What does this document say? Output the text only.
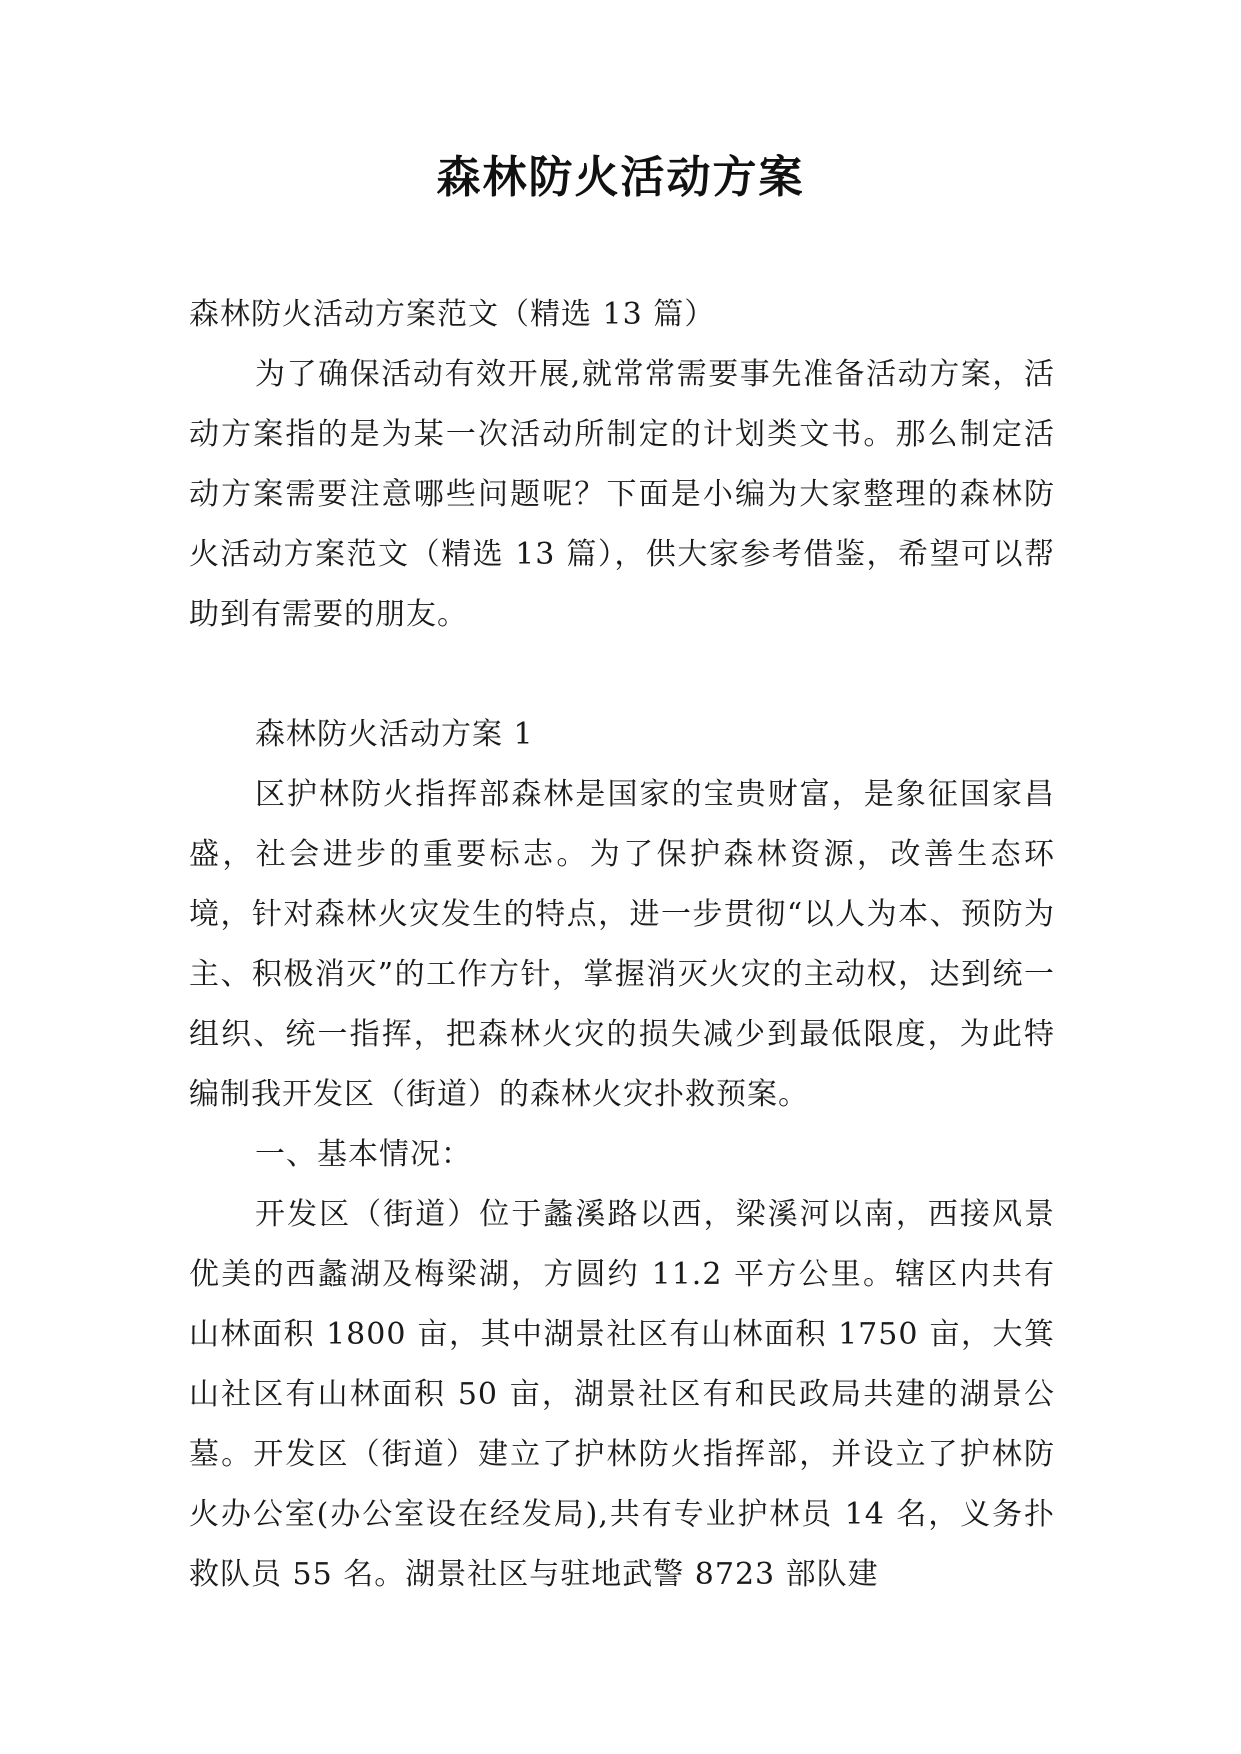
森林防火活动方案

森林防火活动方案范文（精选 13 篇）

为了确保活动有效开展,就常常需要事先准备活动方案，活动方案指的是为某一次活动所制定的计划类文书。那么制定活动方案需要注意哪些问题呢？下面是小编为大家整理的森林防火活动方案范文（精选 13 篇），供大家参考借鉴，希望可以帮助到有需要的朋友。

森林防火活动方案 1

区护林防火指挥部森林是国家的宝贵财富，是象征国家昌盛，社会进步的重要标志。为了保护森林资源，改善生态环境，针对森林火灾发生的特点，进一步贯彻“以人为本、预防为主、积极消灭”的工作方针，掌握消灭火灾的主动权，达到统一组织、统一指挥，把森林火灾的损失减少到最低限度，为此特编制我开发区（街道）的森林火灾扑救预案。

一、基本情况：

开发区（街道）位于蠡溪路以西，梁溪河以南，西接风景优美的西蠡湖及梅梁湖，方圆约 11.2 平方公里。辖区内共有山林面积 1800 亩，其中湖景社区有山林面积 1750 亩，大箕山社区有山林面积 50 亩，湖景社区有和民政局共建的湖景公墓。开发区（街道）建立了护林防火指挥部，并设立了护林防火办公室(办公室设在经发局),共有专业护林员 14 名，义务扑救队员 55 名。湖景社区与驻地武警 8723 部队建
